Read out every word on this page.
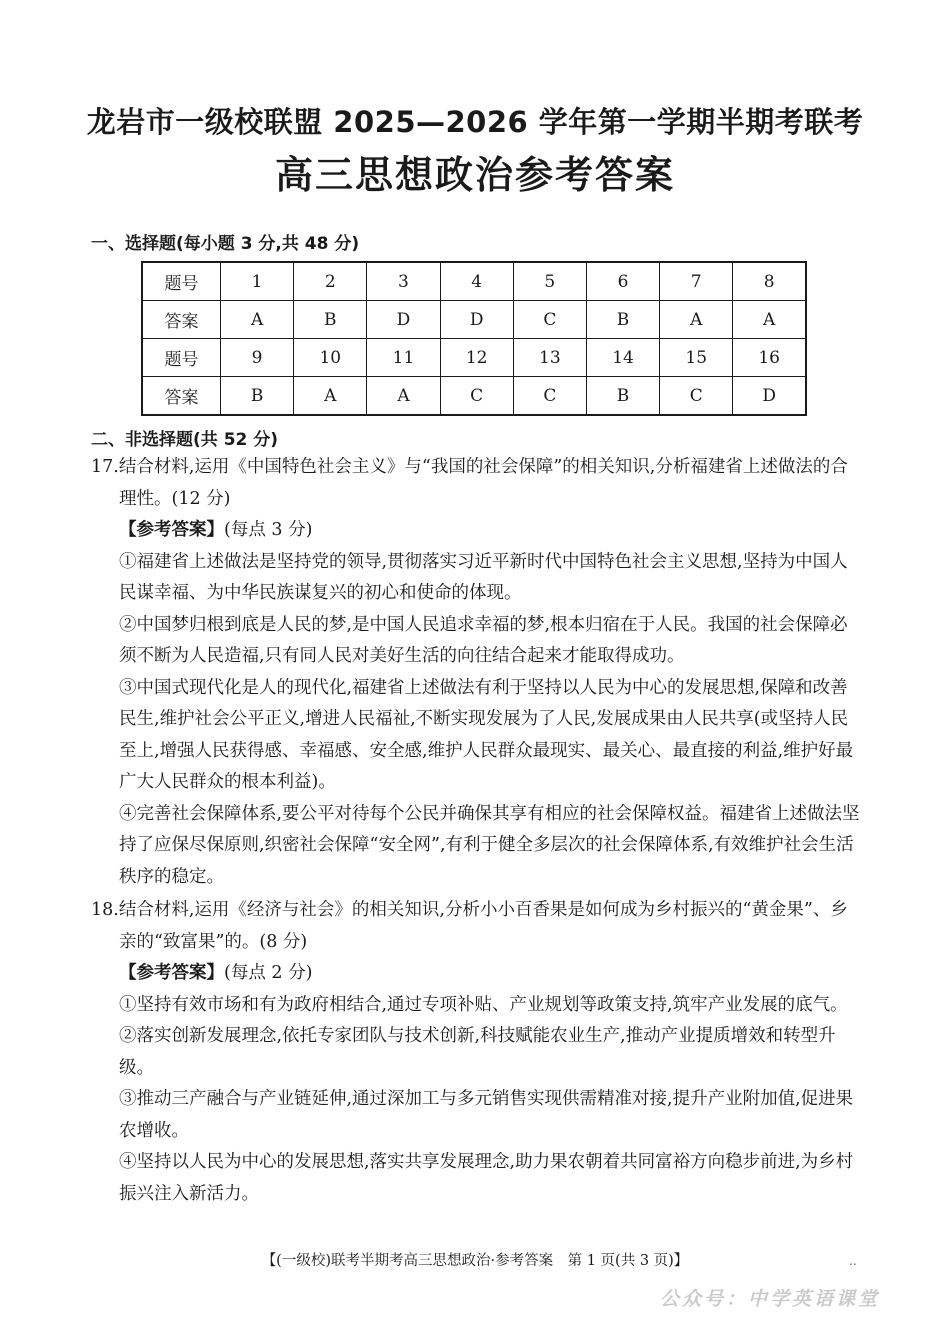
龙岩市一级校联盟 2025—2026 学年第一学期半期考联考
高三思想政治参考答案
一、选择题(每小题 3 分,共 48 分)
题号	1	2	3	4	5	6	7	8
答案	A	B	D	D	C	B	A	A
题号	9	10	11	12	13	14	15	16
答案	B	A	A	C	C	B	C	D
二、非选择题(共 52 分)

17.结合材料,运用《中国特色社会主义》与“我国的社会保障”的相关知识,分析福建省上述做法的合理性。(12 分)

【参考答案】(每点 3 分)

①福建省上述做法是坚持党的领导,贯彻落实习近平新时代中国特色社会主义思想,坚持为中国人民谋幸福、为中华民族谋复兴的初心和使命的体现。

②中国梦归根到底是人民的梦,是中国人民追求幸福的梦,根本归宿在于人民。我国的社会保障必须不断为人民造福,只有同人民对美好生活的向往结合起来才能取得成功。

③中国式现代化是人的现代化,福建省上述做法有利于坚持以人民为中心的发展思想,保障和改善民生,维护社会公平正义,增进人民福祉,不断实现发展为了人民,发展成果由人民共享(或坚持人民至上,增强人民获得感、幸福感、安全感,维护人民群众最现实、最关心、最直接的利益,维护好最广大人民群众的根本利益)。

④完善社会保障体系,要公平对待每个公民并确保其享有相应的社会保障权益。福建省上述做法坚持了应保尽保原则,织密社会保障“安全网”,有利于健全多层次的社会保障体系,有效维护社会生活秩序的稳定。

18.结合材料,运用《经济与社会》的相关知识,分析小小百香果是如何成为乡村振兴的“黄金果”、乡亲的“致富果”的。(8 分)

【参考答案】(每点 2 分)

①坚持有效市场和有为政府相结合,通过专项补贴、产业规划等政策支持,筑牢产业发展的底气。

②落实创新发展理念,依托专家团队与技术创新,科技赋能农业生产,推动产业提质增效和转型升级。

③推动三产融合与产业链延伸,通过深加工与多元销售实现供需精准对接,提升产业附加值,促进果农增收。

④坚持以人民为中心的发展思想,落实共享发展理念,助力果农朝着共同富裕方向稳步前进,为乡村振兴注入新活力。

【(一级校)联考半期考高三思想政治·参考答案　第 1 页(共 3 页)】	..
公众号：中学英语课堂
